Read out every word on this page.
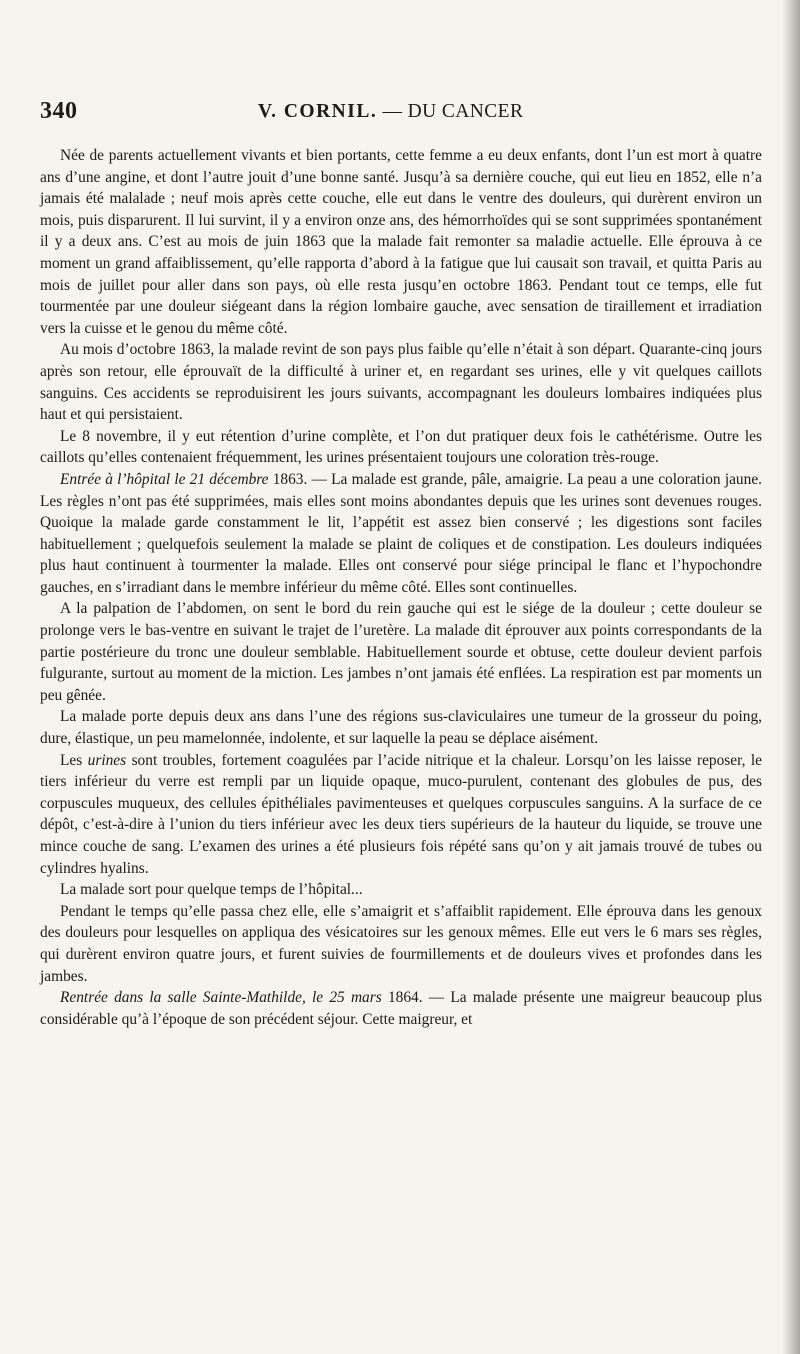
340	V. CORNIL. — DU CANCER

Née de parents actuellement vivants et bien portants, cette femme a eu deux enfants, dont l’un est mort à quatre ans d’une angine, et dont l’autre jouit d’une bonne santé. Jusqu’à sa dernière couche, qui eut lieu en 1852, elle n’a jamais été malalade ; neuf mois après cette couche, elle eut dans le ventre des douleurs, qui durèrent environ un mois, puis disparurent. Il lui survint, il y a environ onze ans, des hémorrhoïdes qui se sont supprimées spontanément il y a deux ans. C’est au mois de juin 1863 que la malade fait remonter sa maladie actuelle. Elle éprouva à ce moment un grand affaiblissement, qu’elle rapporta d’abord à la fatigue que lui causait son travail, et quitta Paris au mois de juillet pour aller dans son pays, où elle resta jusqu’en octobre 1863. Pendant tout ce temps, elle fut tourmentée par une douleur siégeant dans la région lombaire gauche, avec sensation de tiraillement et irradiation vers la cuisse et le genou du même côté.

Au mois d’octobre 1863, la malade revint de son pays plus faible qu’elle n’était à son départ. Quarante-cinq jours après son retour, elle éprouvaït de la difficulté à uriner et, en regardant ses urines, elle y vit quelques caillots sanguins. Ces accidents se reproduisirent les jours suivants, accompagnant les douleurs lombaires indiquées plus haut et qui persistaient.

Le 8 novembre, il y eut rétention d’urine complète, et l’on dut pratiquer deux fois le cathétérisme. Outre les caillots qu’elles contenaient fréquemment, les urines présentaient toujours une coloration très-rouge.

Entrée à l’hôpital le 21 décembre 1863. — La malade est grande, pâle, amaigrie. La peau a une coloration jaune. Les règles n’ont pas été supprimées, mais elles sont moins abondantes depuis que les urines sont devenues rouges. Quoique la malade garde constamment le lit, l’appétit est assez bien conservé ; les digestions sont faciles habituellement ; quelquefois seulement la malade se plaint de coliques et de constipation. Les douleurs indiquées plus haut continuent à tourmenter la malade. Elles ont conservé pour siége principal le flanc et l’hypochondre gauches, en s’irradiant dans le membre inférieur du même côté. Elles sont continuelles.

A la palpation de l’abdomen, on sent le bord du rein gauche qui est le siége de la douleur ; cette douleur se prolonge vers le bas-ventre en suivant le trajet de l’uretère. La malade dit éprouver aux points correspondants de la partie postérieure du tronc une douleur semblable. Habituellement sourde et obtuse, cette douleur devient parfois fulgurante, surtout au moment de la miction. Les jambes n’ont jamais été enflées. La respiration est par moments un peu gênée.

La malade porte depuis deux ans dans l’une des régions sus-claviculaires une tumeur de la grosseur du poing, dure, élastique, un peu mamelonnée, indolente, et sur laquelle la peau se déplace aisément.

Les urines sont troubles, fortement coagulées par l’acide nitrique et la chaleur. Lorsqu’on les laisse reposer, le tiers inférieur du verre est rempli par un liquide opaque, muco-purulent, contenant des globules de pus, des corpuscules muqueux, des cellules épithéliales pavimenteuses et quelques corpuscules sanguins. A la surface de ce dépôt, c’est-à-dire à l’union du tiers inférieur avec les deux tiers supérieurs de la hauteur du liquide, se trouve une mince couche de sang. L’examen des urines a été plusieurs fois répété sans qu’on y ait jamais trouvé de tubes ou cylindres hyalins.

La malade sort pour quelque temps de l’hôpital...

Pendant le temps qu’elle passa chez elle, elle s’amaigrit et s’affaiblit rapidement. Elle éprouva dans les genoux des douleurs pour lesquelles on appliqua des vésicatoires sur les genoux mêmes. Elle eut vers le 6 mars ses règles, qui durèrent environ quatre jours, et furent suivies de fourmillements et de douleurs vives et profondes dans les jambes.

Rentrée dans la salle Sainte-Mathilde, le 25 mars 1864. — La malade présente une maigreur beaucoup plus considérable qu’à l’époque de son précédent séjour. Cette maigreur, et
